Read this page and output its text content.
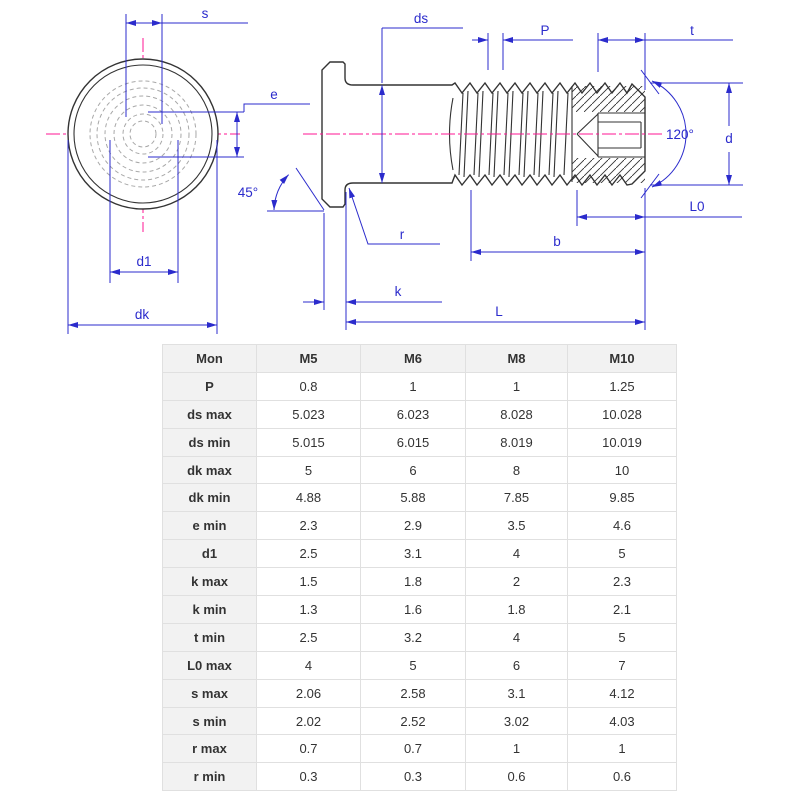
s
e
d1
dk
ds
P	t
120° d
L0
b
k
L
r
45°
Mon	M5	M6	M8	M10
P	0.8	1	1	1.25
ds max	5.023	6.023	8.028	10.028
ds min	5.015	6.015	8.019	10.019
dk max	5	6	8	10
dk min	4.88	5.88	7.85	9.85
e min	2.3	2.9	3.5	4.6
d1	2.5	3.1	4	5
k max	1.5	1.8	2	2.3
k min	1.3	1.6	1.8	2.1
t min	2.5	3.2	4	5
L0 max	4	5	6	7
s max	2.06	2.58	3.1	4.12
s min	2.02	2.52	3.02	4.03
r max	0.7	0.7	1	1
r min	0.3	0.3	0.6	0.6
